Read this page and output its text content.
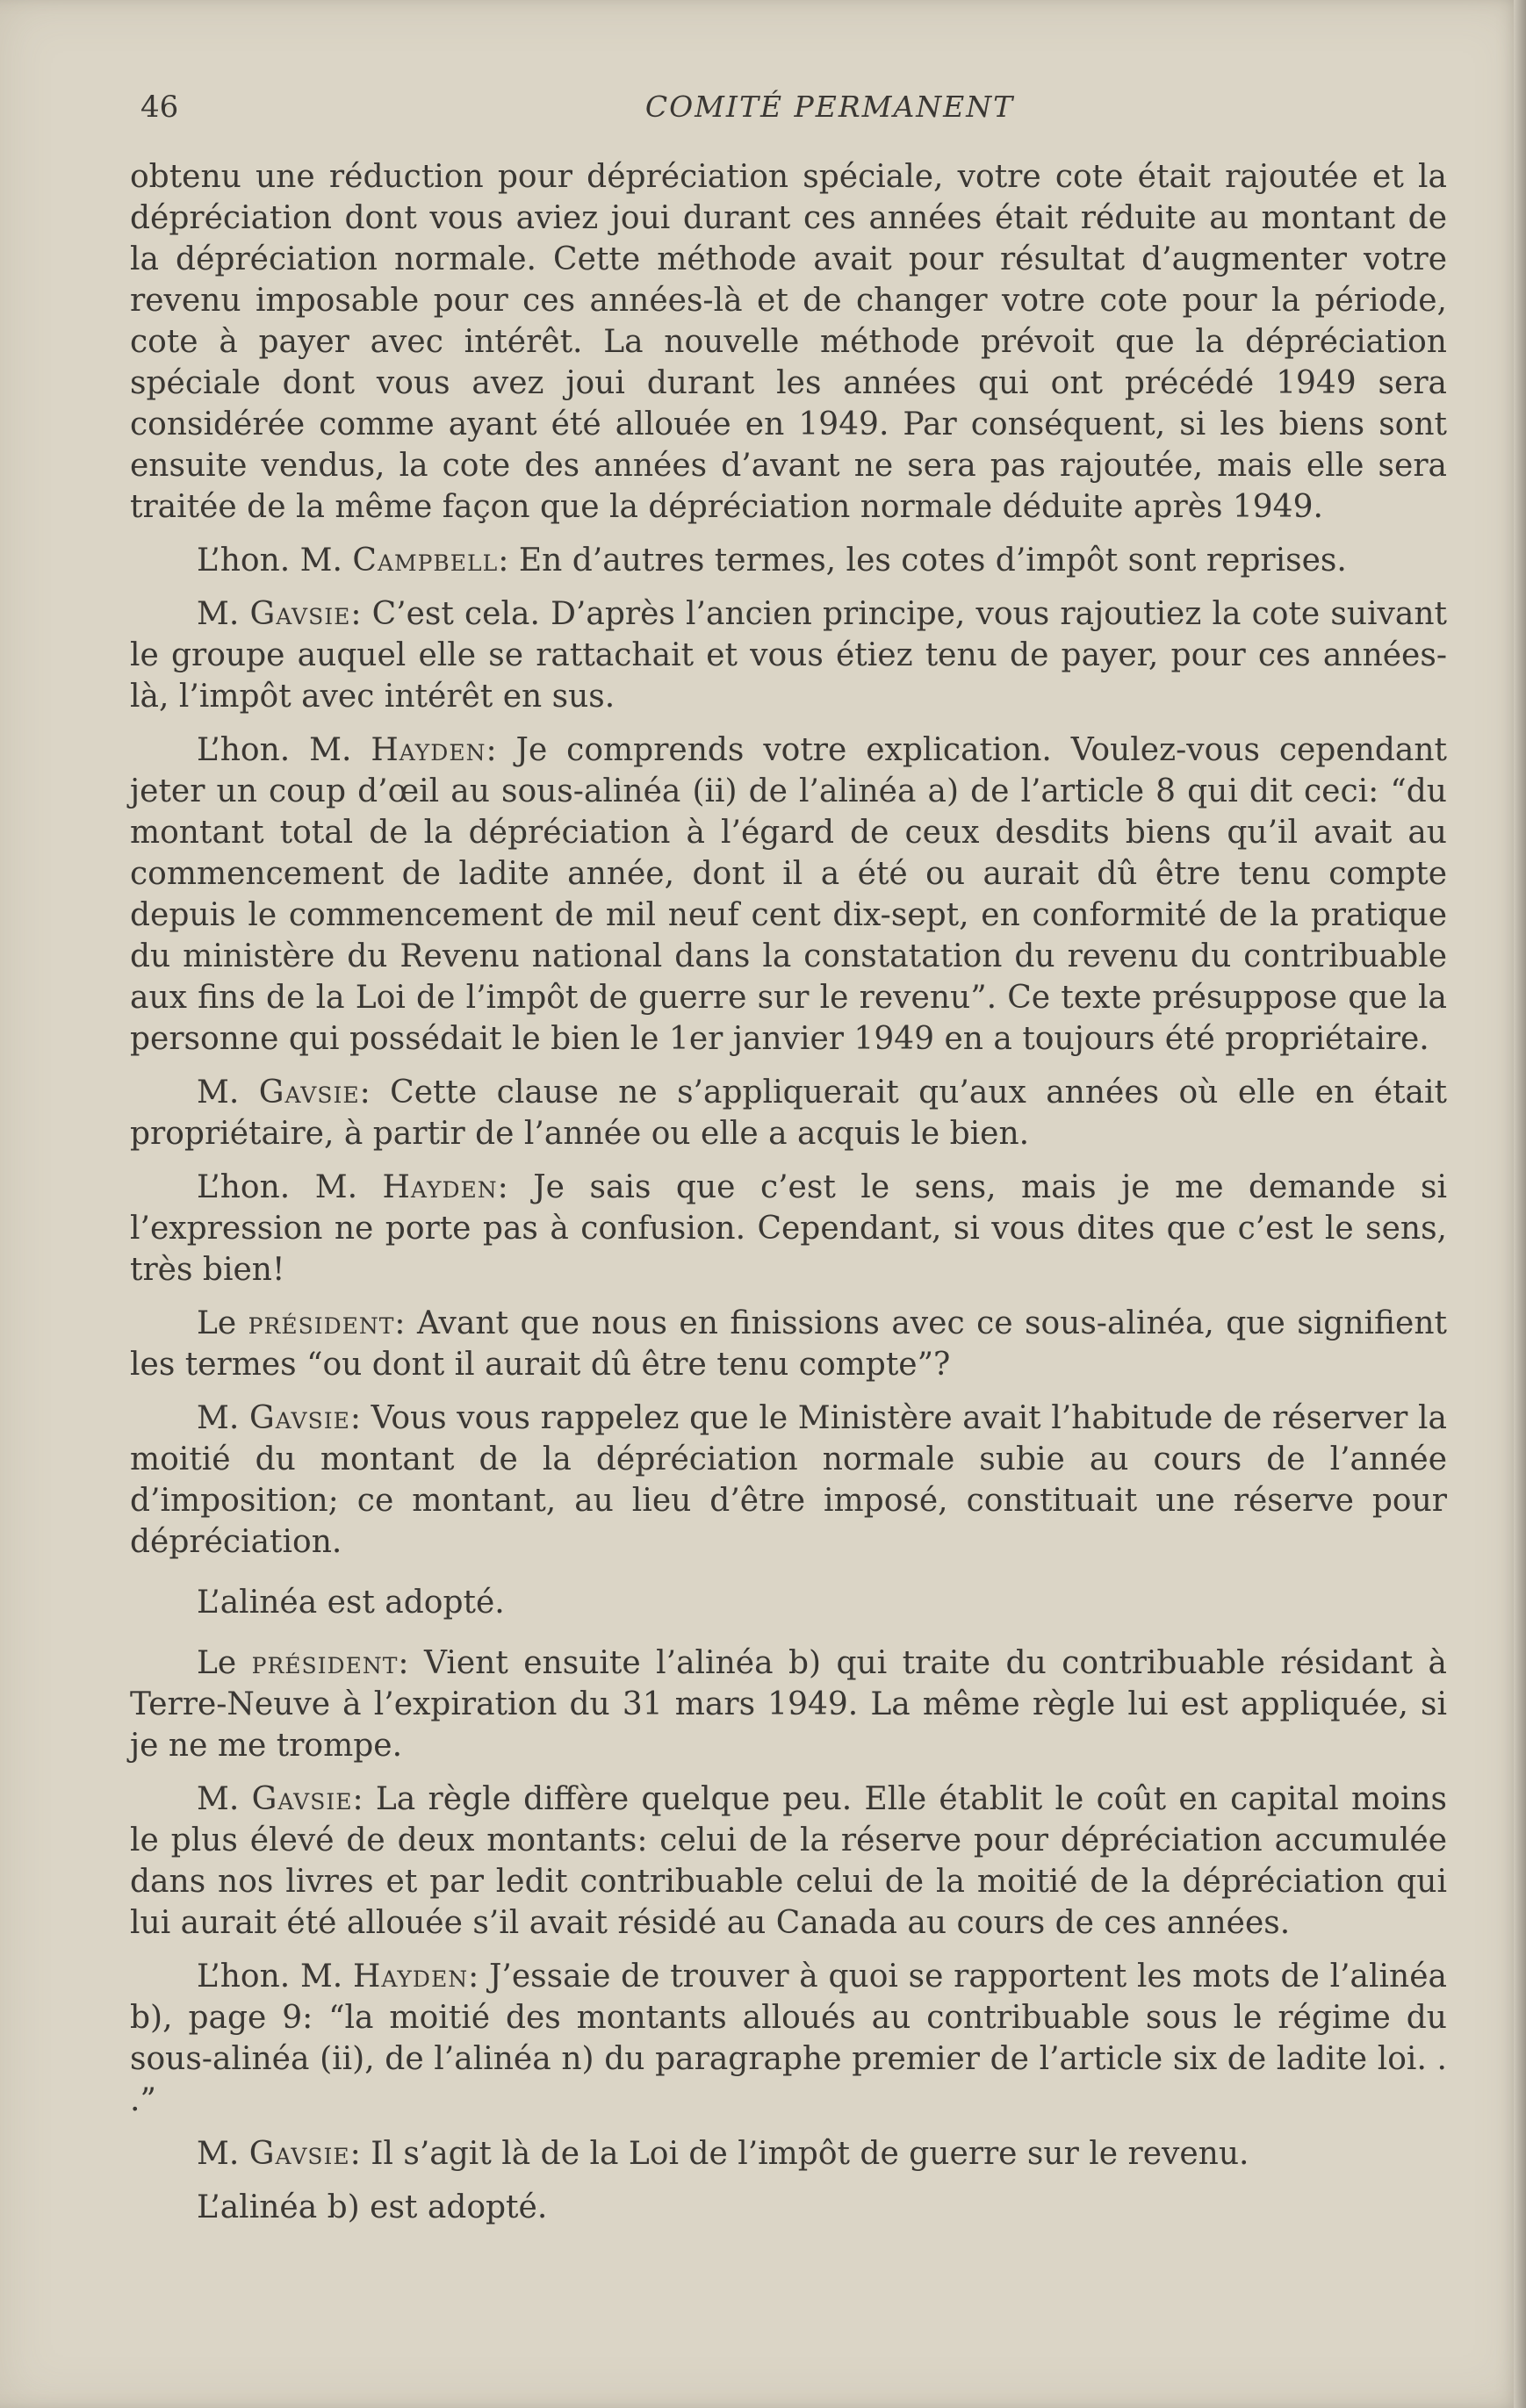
46	COMITÉ PERMANENT

obtenu une réduction pour dépréciation spéciale, votre cote était rajoutée et la dépréciation dont vous aviez joui durant ces années était réduite au montant de la dépréciation normale. Cette méthode avait pour résultat d’augmenter votre revenu imposable pour ces années-là et de changer votre cote pour la période, cote à payer avec intérêt. La nouvelle méthode prévoit que la dépréciation spéciale dont vous avez joui durant les années qui ont précédé 1949 sera considérée comme ayant été allouée en 1949. Par conséquent, si les biens sont ensuite vendus, la cote des années d’avant ne sera pas rajoutée, mais elle sera traitée de la même façon que la dépréciation normale déduite après 1949.

L’hon. M. Campbell: En d’autres termes, les cotes d’impôt sont reprises.

M. Gavsie: C’est cela. D’après l’ancien principe, vous rajoutiez la cote suivant le groupe auquel elle se rattachait et vous étiez tenu de payer, pour ces années-là, l’impôt avec intérêt en sus.

L’hon. M. Hayden: Je comprends votre explication. Voulez-vous cependant jeter un coup d’œil au sous-alinéa (ii) de l’alinéa a) de l’article 8 qui dit ceci: “du montant total de la dépréciation à l’égard de ceux desdits biens qu’il avait au commencement de ladite année, dont il a été ou aurait dû être tenu compte depuis le commencement de mil neuf cent dix-sept, en conformité de la pratique du ministère du Revenu national dans la constatation du revenu du contribuable aux fins de la Loi de l’impôt de guerre sur le revenu”. Ce texte présuppose que la personne qui possédait le bien le 1er janvier 1949 en a toujours été propriétaire.

M. Gavsie: Cette clause ne s’appliquerait qu’aux années où elle en était propriétaire, à partir de l’année ou elle a acquis le bien.

L’hon. M. Hayden: Je sais que c’est le sens, mais je me demande si l’expression ne porte pas à confusion. Cependant, si vous dites que c’est le sens, très bien!

Le président: Avant que nous en finissions avec ce sous-alinéa, que signifient les termes “ou dont il aurait dû être tenu compte”?

M. Gavsie: Vous vous rappelez que le Ministère avait l’habitude de réserver la moitié du montant de la dépréciation normale subie au cours de l’année d’imposition; ce montant, au lieu d’être imposé, constituait une réserve pour dépréciation.

L’alinéa est adopté.

Le président: Vient ensuite l’alinéa b) qui traite du contribuable résidant à Terre-Neuve à l’expiration du 31 mars 1949. La même règle lui est appliquée, si je ne me trompe.

M. Gavsie: La règle diffère quelque peu. Elle établit le coût en capital moins le plus élevé de deux montants: celui de la réserve pour dépréciation accumulée dans nos livres et par ledit contribuable celui de la moitié de la dépréciation qui lui aurait été allouée s’il avait résidé au Canada au cours de ces années.

L’hon. M. Hayden: J’essaie de trouver à quoi se rapportent les mots de l’alinéa b), page 9: “la moitié des montants alloués au contribuable sous le régime du sous-alinéa (ii), de l’alinéa n) du paragraphe premier de l’article six de ladite loi. . .”

M. Gavsie: Il s’agit là de la Loi de l’impôt de guerre sur le revenu.

L’alinéa b) est adopté.
